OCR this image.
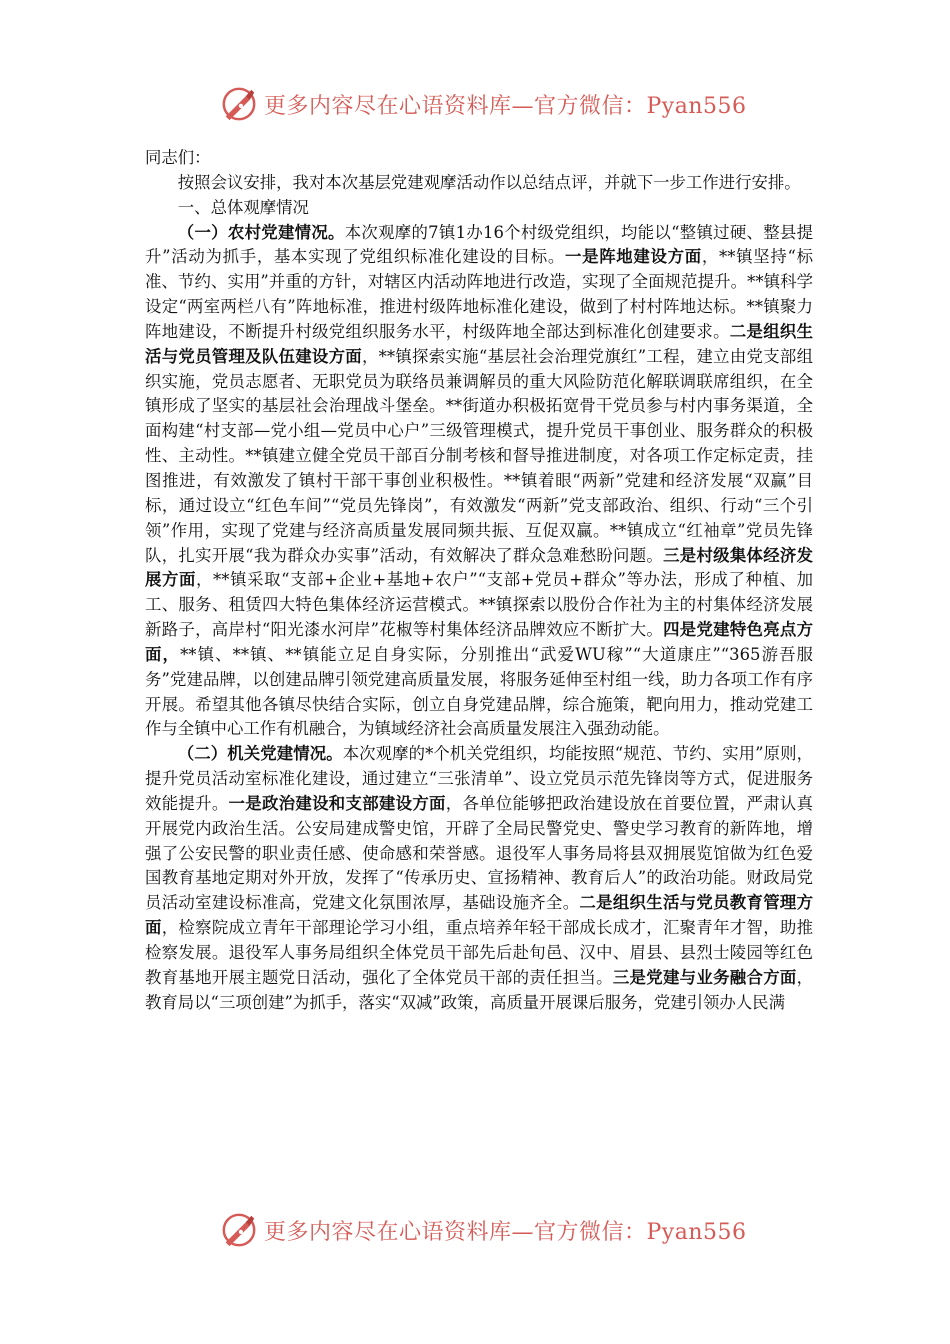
更多内容尽在心语资料库—官方微信：Pyan556

同志们：

按照会议安排，我对本次基层党建观摩活动作以总结点评，并就下一步工作进行安排。

一、总体观摩情况

（一）农村党建情况。本次观摩的7镇1办16个村级党组织，均能以“整镇过硬、整县提升”活动为抓手，基本实现了党组织标准化建设的目标。一是阵地建设方面，**镇坚持“标准、节约、实用”并重的方针，对辖区内活动阵地进行改造，实现了全面规范提升。**镇科学设定“两室两栏八有”阵地标准，推进村级阵地标准化建设，做到了村村阵地达标。**镇聚力阵地建设，不断提升村级党组织服务水平，村级阵地全部达到标准化创建要求。二是组织生活与党员管理及队伍建设方面，**镇探索实施“基层社会治理党旗红”工程，建立由党支部组织实施，党员志愿者、无职党员为联络员兼调解员的重大风险防范化解联调联席组织，在全镇形成了坚实的基层社会治理战斗堡垒。**街道办积极拓宽骨干党员参与村内事务渠道，全面构建“村支部—党小组—党员中心户”三级管理模式，提升党员干事创业、服务群众的积极性、主动性。**镇建立健全党员干部百分制考核和督导推进制度，对各项工作定标定责，挂图推进，有效激发了镇村干部干事创业积极性。**镇着眼“两新”党建和经济发展“双赢”目标，通过设立“红色车间”“党员先锋岗”，有效激发“两新”党支部政治、组织、行动“三个引领”作用，实现了党建与经济高质量发展同频共振、互促双赢。**镇成立“红袖章”党员先锋队，扎实开展“我为群众办实事”活动，有效解决了群众急难愁盼问题。三是村级集体经济发展方面，**镇采取“支部+企业+基地+农户”“支部+党员+群众”等办法，形成了种植、加工、服务、租赁四大特色集体经济运营模式。**镇探索以股份合作社为主的村集体经济发展新路子，高岸村“阳光漆水河岸”花椒等村集体经济品牌效应不断扩大。四是党建特色亮点方面，**镇、**镇、**镇能立足自身实际，分别推出“武爱WU稼”“大道康庄”“365游吾服务”党建品牌，以创建品牌引领党建高质量发展，将服务延伸至村组一线，助力各项工作有序开展。希望其他各镇尽快结合实际，创立自身党建品牌，综合施策，靶向用力，推动党建工作与全镇中心工作有机融合，为镇域经济社会高质量发展注入强劲动能。

（二）机关党建情况。本次观摩的*个机关党组织，均能按照“规范、节约、实用”原则，提升党员活动室标准化建设，通过建立“三张清单”、设立党员示范先锋岗等方式，促进服务效能提升。一是政治建设和支部建设方面，各单位能够把政治建设放在首要位置，严肃认真开展党内政治生活。公安局建成警史馆，开辟了全局民警党史、警史学习教育的新阵地，增强了公安民警的职业责任感、使命感和荣誉感。退役军人事务局将县双拥展览馆做为红色爱国教育基地定期对外开放，发挥了“传承历史、宣扬精神、教育后人”的政治功能。财政局党员活动室建设标准高，党建文化氛围浓厚，基础设施齐全。二是组织生活与党员教育管理方面，检察院成立青年干部理论学习小组，重点培养年轻干部成长成才，汇聚青年才智，助推检察发展。退役军人事务局组织全体党员干部先后赴旬邑、汉中、眉县、县烈士陵园等红色教育基地开展主题党日活动，强化了全体党员干部的责任担当。三是党建与业务融合方面，教育局以“三项创建”为抓手，落实“双减”政策，高质量开展课后服务，党建引领办人民满

更多内容尽在心语资料库—官方微信：Pyan556
